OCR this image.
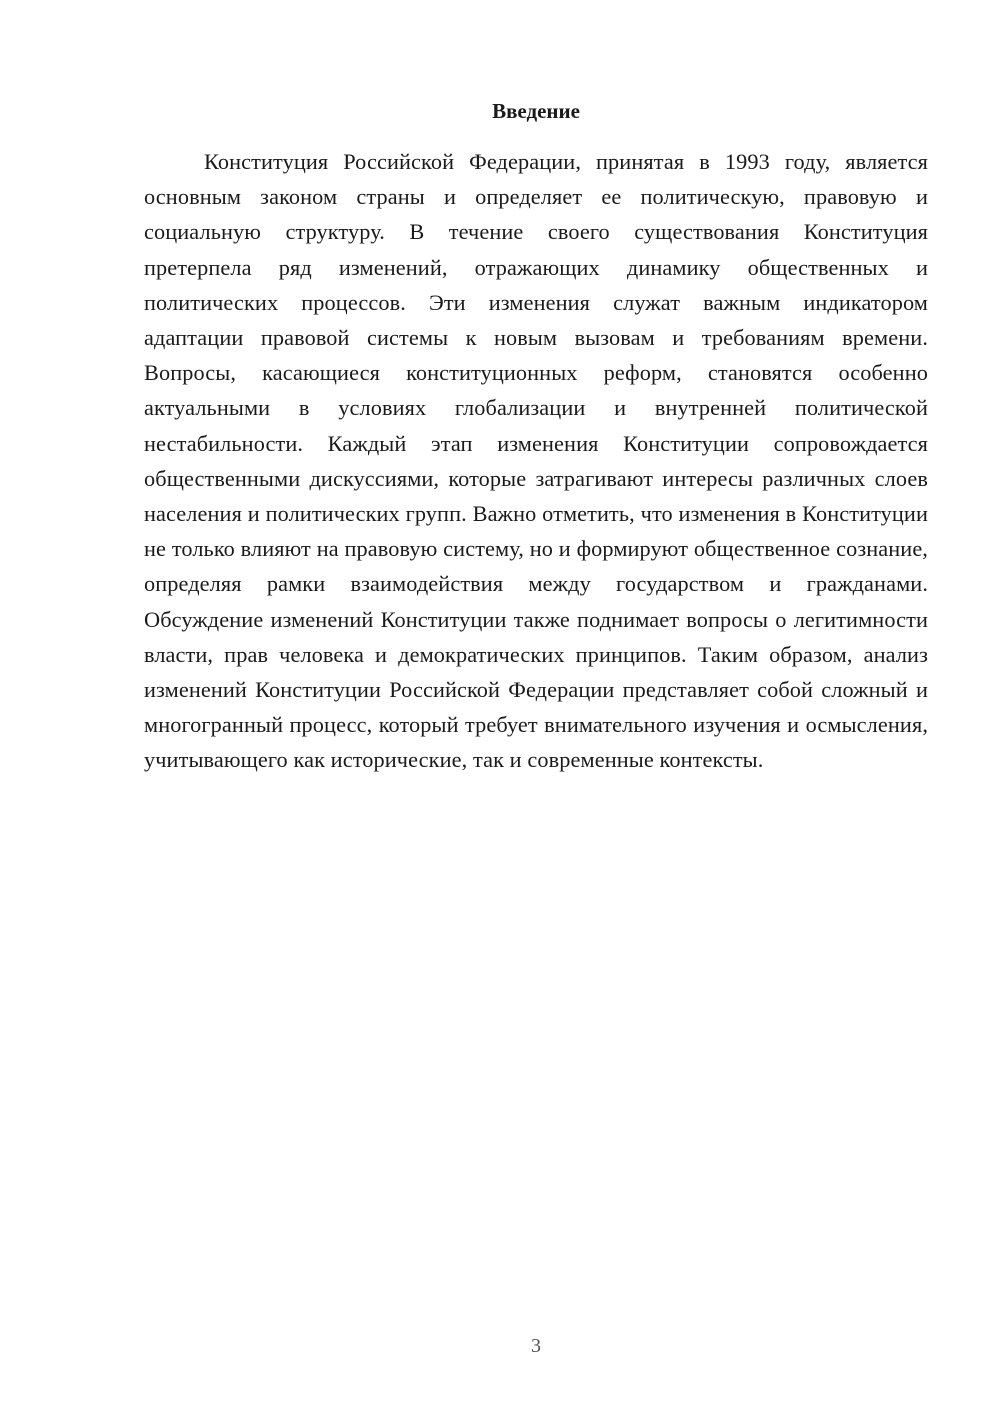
Введение

Конституция Российской Федерации, принятая в 1993 году, является основным законом страны и определяет ее политическую, правовую и социальную структуру. В течение своего существования Конституция претерпела ряд изменений, отражающих динамику общественных и политических процессов. Эти изменения служат важным индикатором адаптации правовой системы к новым вызовам и требованиям времени. Вопросы, касающиеся конституционных реформ, становятся особенно актуальными в условиях глобализации и внутренней политической нестабильности. Каждый этап изменения Конституции сопровождается общественными дискуссиями, которые затрагивают интересы различных слоев населения и политических групп. Важно отметить, что изменения в Конституции не только влияют на правовую систему, но и формируют общественное сознание, определяя рамки взаимодействия между государством и гражданами. Обсуждение изменений Конституции также поднимает вопросы о легитимности власти, прав человека и демократических принципов. Таким образом, анализ изменений Конституции Российской Федерации представляет собой сложный и многогранный процесс, который требует внимательного изучения и осмысления, учитывающего как исторические, так и современные контексты.

3
